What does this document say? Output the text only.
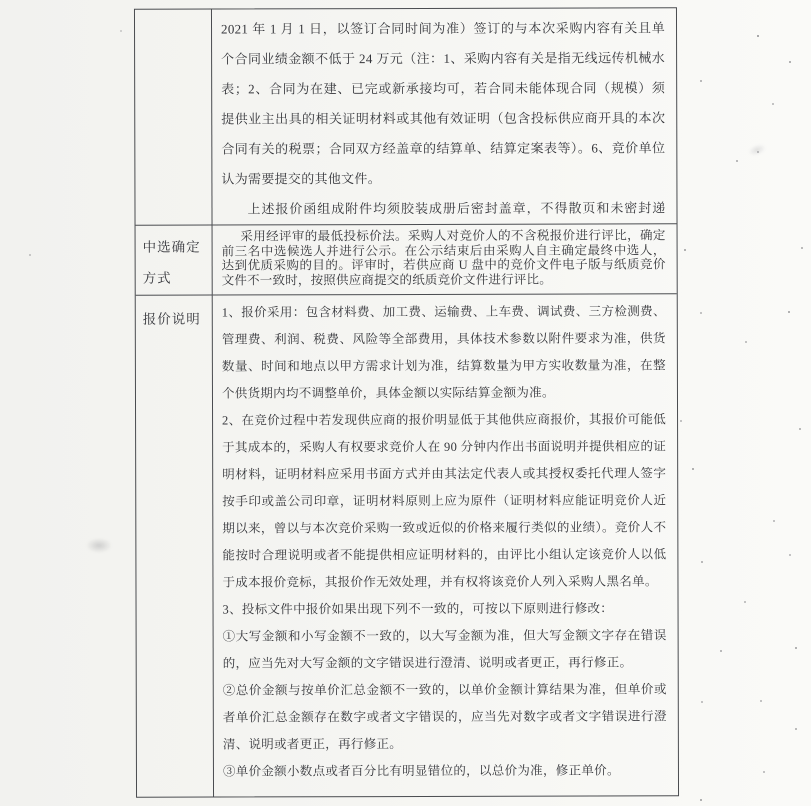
2021 年 1 月 1 日，以签订合同时间为准）签订的与本次采购内容有关且单个合同业绩金额不低于 24 万元（注：1、采购内容有关是指无线远传机械水表；2、合同为在建、已完或新承接均可，若合同未能体现合同（规模）须提供业主出具的相关证明材料或其他有效证明（包含投标供应商开具的本次合同有关的税票；合同双方经盖章的结算单、结算定案表等）。6、竞价单位认为需要提交的其他文件。

上述报价函组成附件均须胶装成册后密封盖章，不得散页和未密封递交，未按要求胶装密封的，采购人可以拒收竞价文件），。

中选确定方式

采用经评审的最低投标价法。采购人对竞价人的不含税报价进行评比，确定前三名中选候选人并进行公示。在公示结束后由采购人自主确定最终中选人，达到优质采购的目的。评审时，若供应商 U 盘中的竞价文件电子版与纸质竞价文件不一致时，按照供应商提交的纸质竞价文件进行评比。

报价说明	1、报价采用：包含材料费、加工费、运输费、上车费、调试费、三方检测费、管理费、利润、税费、风险等全部费用，具体技术参数以附件要求为准，供货数量、时间和地点以甲方需求计划为准，结算数量为甲方实收数量为准，在整个供货期内均不调整单价，具体金额以实际结算金额为准。

2、在竞价过程中若发现供应商的报价明显低于其他供应商报价，其报价可能低于其成本的，采购人有权要求竞价人在 90 分钟内作出书面说明并提供相应的证明材料，证明材料应采用书面方式并由其法定代表人或其授权委托代理人签字按手印或盖公司印章，证明材料原则上应为原件（证明材料应能证明竞价人近期以来，曾以与本次竞价采购一致或近似的价格来履行类似的业绩）。竞价人不能按时合理说明或者不能提供相应证明材料的，由评比小组认定该竞价人以低于成本报价竞标，其报价作无效处理，并有权将该竞价人列入采购人黑名单。

3、投标文件中报价如果出现下列不一致的，可按以下原则进行修改：

①大写金额和小写金额不一致的，以大写金额为准，但大写金额文字存在错误的，应当先对大写金额的文字错误进行澄清、说明或者更正，再行修正。

②总价金额与按单价汇总金额不一致的，以单价金额计算结果为准，但单价或者单价汇总金额存在数字或者文字错误的，应当先对数字或者文字错误进行澄清、说明或者更正，再行修正。

③单价金额小数点或者百分比有明显错位的，以总价为准，修正单价。
